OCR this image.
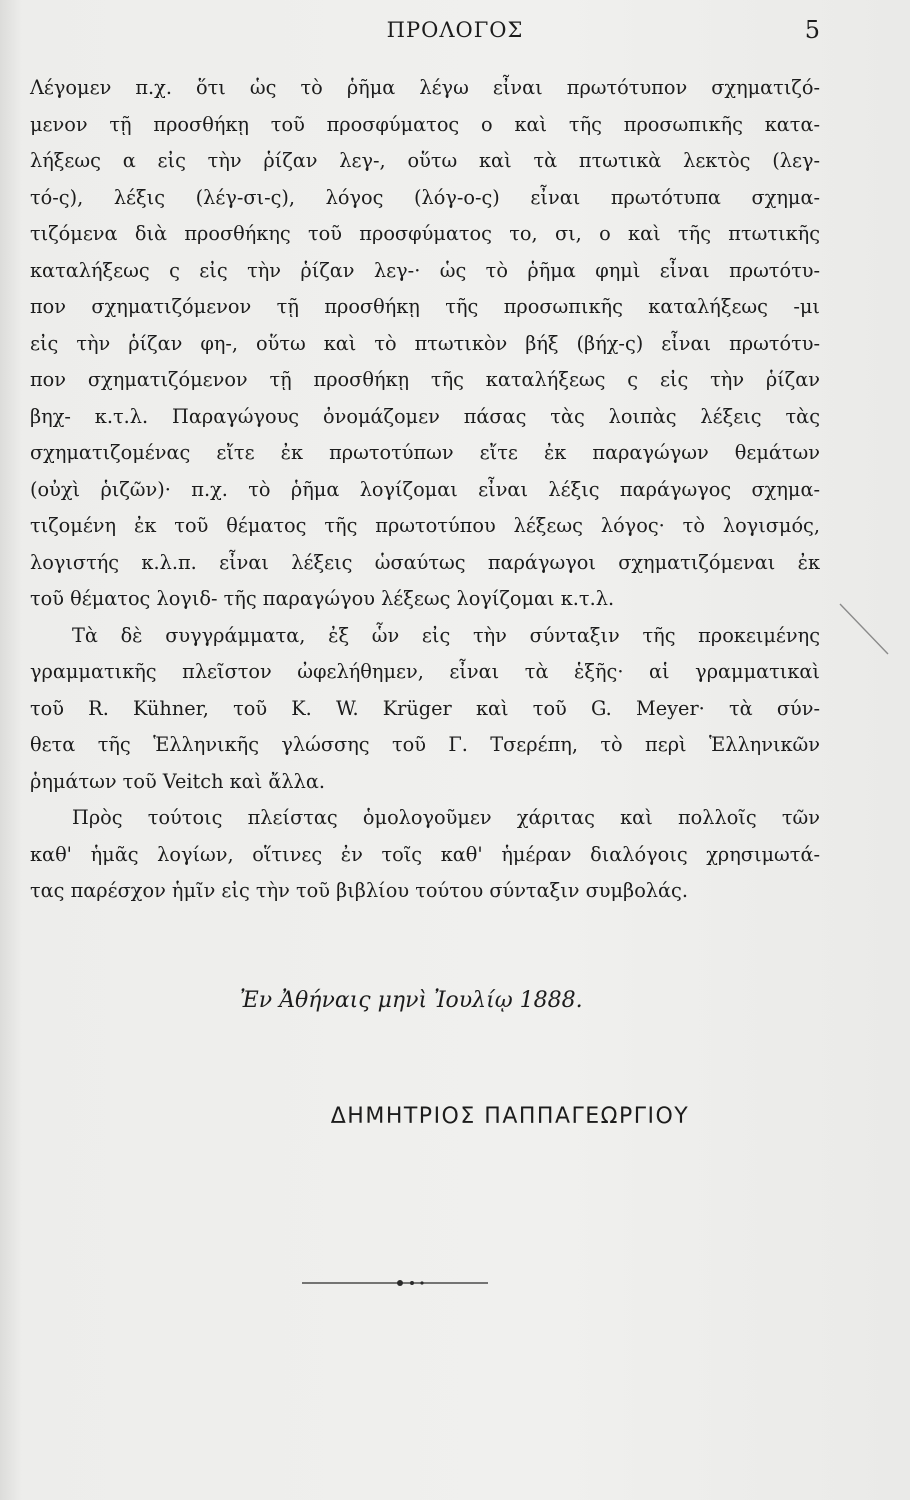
ΠΡΟΛΟΓΟΣ	5
Λέγομεν π.χ. ὅτι ὡς τὸ ῥῆμα λέγω εἶναι πρωτότυπον σχηματιζό-
μενον τῇ προσθήκῃ τοῦ προσφύματος ο καὶ τῆς προσωπικῆς κατα-
λήξεως α εἰς τὴν ῥίζαν λεγ-, οὕτω καὶ τὰ πτωτικὰ λεκτὸς (λεγ-
τό-ς), λέξις (λέγ-σι-ς), λόγος (λόγ-ο-ς) εἶναι πρωτότυπα σχημα-
τιζόμενα διὰ προσθήκης τοῦ προσφύματος το, σι, ο καὶ τῆς πτωτικῆς
καταλήξεως ς εἰς τὴν ῥίζαν λεγ-· ὡς τὸ ῥῆμα φημὶ εἶναι πρωτότυ-
πον σχηματιζόμενον τῇ προσθήκῃ τῆς προσωπικῆς καταλήξεως -μι
εἰς τὴν ῥίζαν φη-, οὕτω καὶ τὸ πτωτικὸν βήξ (βήχ-ς) εἶναι πρωτότυ-
πον σχηματιζόμενον τῇ προσθήκῃ τῆς καταλήξεως ς εἰς τὴν ῥίζαν
βηχ- κ.τ.λ. Παραγώγους ὀνομάζομεν πάσας τὰς λοιπὰς λέξεις τὰς
σχηματιζομένας εἴτε ἐκ πρωτοτύπων εἴτε ἐκ παραγώγων θεμάτων
(οὐχὶ ῥιζῶν)· π.χ. τὸ ῥῆμα λογίζομαι εἶναι λέξις παράγωγος σχημα-
τιζομένη ἐκ τοῦ θέματος τῆς πρωτοτύπου λέξεως λόγος· τὸ λογισμός,
λογιστής κ.λ.π. εἶναι λέξεις ὡσαύτως παράγωγοι σχηματιζόμεναι ἐκ
τοῦ θέματος λογιδ- τῆς παραγώγου λέξεως λογίζομαι κ.τ.λ.
Τὰ δὲ συγγράμματα, ἐξ ὧν εἰς τὴν σύνταξιν τῆς προκειμένης
γραμματικῆς πλεῖστον ὠφελήθημεν, εἶναι τὰ ἑξῆς· αἱ γραμματικαὶ
τοῦ R. Kühner, τοῦ K. W. Krüger καὶ τοῦ G. Meyer· τὰ σύν-
θετα τῆς Ἑλληνικῆς γλώσσης τοῦ Γ. Τσερέπη, τὸ περὶ Ἑλληνικῶν
ῥημάτων τοῦ Veitch καὶ ἄλλα.
Πρὸς τούτοις πλείστας ὁμολογοῦμεν χάριτας καὶ πολλοῖς τῶν
καθ' ἡμᾶς λογίων, οἵτινες ἐν τοῖς καθ' ἡμέραν διαλόγοις χρησιμωτά-
τας παρέσχον ἡμῖν εἰς τὴν τοῦ βιβλίου τούτου σύνταξιν συμβολάς.
Ἐν Ἀθήναις μηνὶ Ἰουλίῳ 1888.
ΔΗΜΗΤΡΙΟΣ ΠΑΠΠΑΓΕΩΡΓΙΟΥ
